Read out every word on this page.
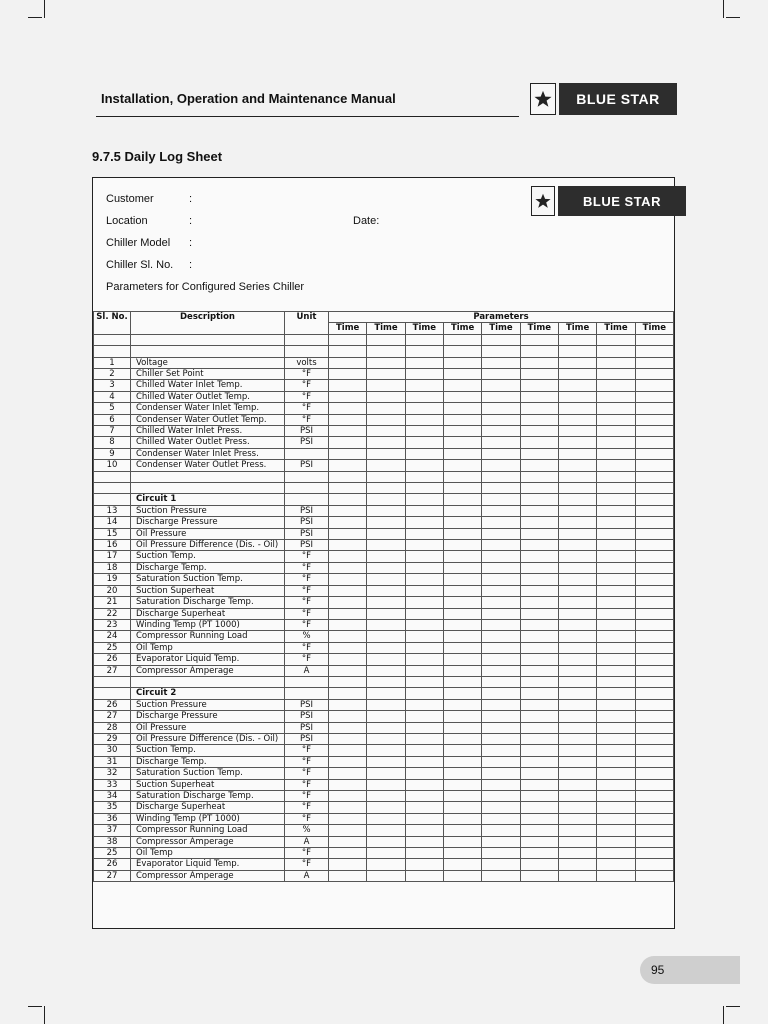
Installation, Operation and Maintenance Manual	BLUE STAR
9.7.5 Daily Log Sheet
BLUE STAR
Customer	:
Location	:	Date:
Chiller Model :
Chiller Sl. No. :
Parameters for Configured Series Chiller
Sl. No.	Description	Unit	Parameters								
			Time	Time	Time	Time	Time	Time	Time	Time	Time

1	Voltage	volts									
2	Chiller Set Point	°F									
3	Chilled Water Inlet Temp.	°F									
4	Chilled Water Outlet Temp.	°F									
5	Condenser Water Inlet Temp.	°F									
6	Condenser Water Outlet Temp.	°F									
7	Chilled Water Inlet Press.	PSI									
8	Chilled Water Outlet Press.	PSI									
9	Condenser Water Inlet Press.										
10	Condenser Water Outlet Press.	PSI									

	Circuit 1										
13	Suction Pressure	PSI									
14	Discharge Pressure	PSI									
15	Oil Pressure	PSI									
16	Oil Pressure Difference (Dis. - Oil)	PSI									
17	Suction Temp.	°F									
18	Discharge Temp.	°F									
19	Saturation Suction Temp.	°F									
20	Suction Superheat	°F									
21	Saturation Discharge Temp.	°F									
22	Discharge Superheat	°F									
23	Winding Temp (PT 1000)	°F									
24	Compressor Running Load	%									
25	Oil Temp	°F									
26	Evaporator Liquid Temp.	°F									
27	Compressor Amperage	A									

	Circuit 2										
26	Suction Pressure	PSI									
27	Discharge Pressure	PSI									
28	Oil Pressure	PSI									
29	Oil Pressure Difference (Dis. - Oil)	PSI									
30	Suction Temp.	°F									
31	Discharge Temp.	°F									
32	Saturation Suction Temp.	°F									
33	Suction Superheat	°F									
34	Saturation Discharge Temp.	°F									
35	Discharge Superheat	°F									
36	Winding Temp (PT 1000)	°F									
37	Compressor Running Load	%									
38	Compressor Amperage	A									
25	Oil Temp	°F									
26	Evaporator Liquid Temp.	°F									
27	Compressor Amperage	A									
95
